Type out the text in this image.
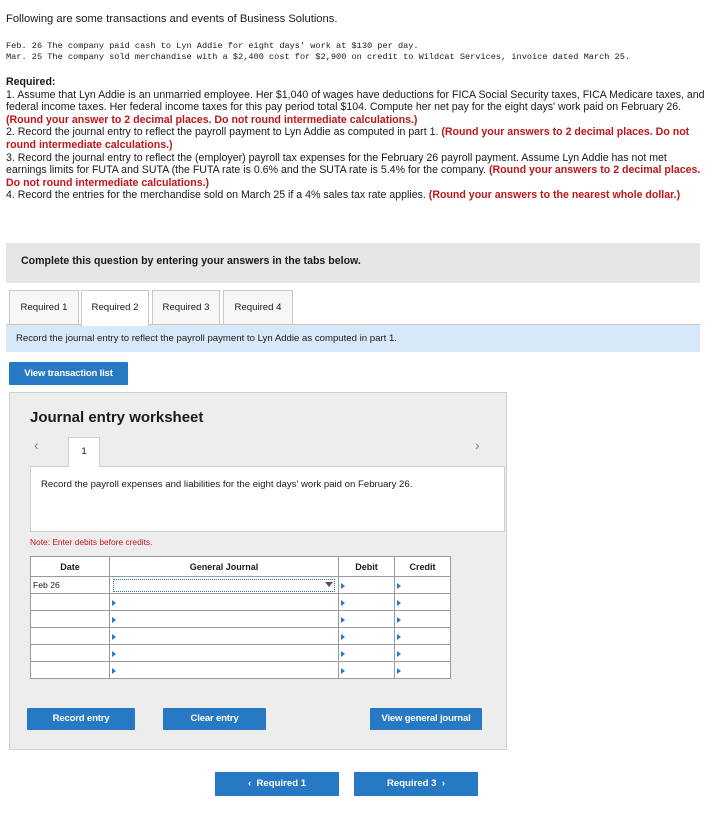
Following are some transactions and events of Business Solutions.
Feb. 26 The company paid cash to Lyn Addie for eight days' work at $130 per day.
Mar. 25 The company sold merchandise with a $2,400 cost for $2,900 on credit to Wildcat Services, invoice dated March 25.

Required:

1. Assume that Lyn Addie is an unmarried employee. Her $1,040 of wages have deductions for FICA Social Security taxes, FICA Medicare taxes, and federal income taxes. Her federal income taxes for this pay period total $104. Compute her net pay for the eight days' work paid on February 26. (Round your answer to 2 decimal places. Do not round intermediate calculations.)

2. Record the journal entry to reflect the payroll payment to Lyn Addie as computed in part 1. (Round your answers to 2 decimal places. Do not round intermediate calculations.)

3. Record the journal entry to reflect the (employer) payroll tax expenses for the February 26 payroll payment. Assume Lyn Addie has not met earnings limits for FUTA and SUTA (the FUTA rate is 0.6% and the SUTA rate is 5.4% for the company. (Round your answers to 2 decimal places. Do not round intermediate calculations.)

4. Record the entries for the merchandise sold on March 25 if a 4% sales tax rate applies. (Round your answers to the nearest whole dollar.)

Complete this question by entering your answers in the tabs below.
Required 1	Required 2	Required 3	Required 4
Record the journal entry to reflect the payroll payment to Lyn Addie as computed in part 1.
View transaction list
Journal entry worksheet
‹	›
1
Record the payroll expenses and liabilities for the eight days' work paid on February 26.
Note: Enter debits before credits.
Date	General Journal	Debit	Credit
Feb 26	

Record entry	Clear entry	View general journal
‹  Required 1	Required 3  ›
